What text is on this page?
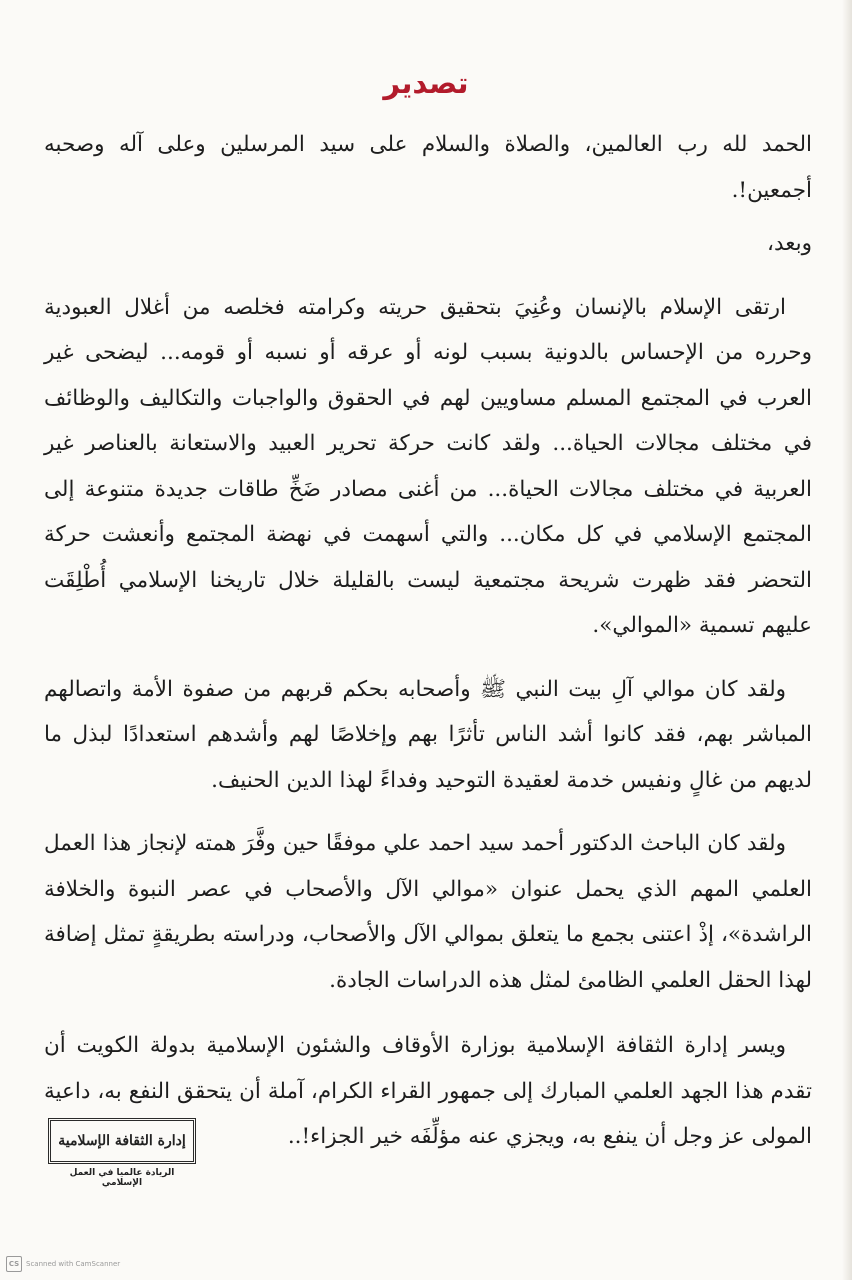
تصدير

الحمد لله رب العالمين، والصلاة والسلام على سيد المرسلين وعلى آله وصحبه أجمعين!.

وبعد،

ارتقى الإسلام بالإنسان وعُنِيَ بتحقيق حريته وكرامته فخلصه من أغلال العبودية وحرره من الإحساس بالدونية بسبب لونه أو عرقه أو نسبه أو قومه... ليضحى غير العرب في المجتمع المسلم مساويين لهم في الحقوق والواجبات والتكاليف والوظائف في مختلف مجالات الحياة... ولقد كانت حركة تحرير العبيد والاستعانة بالعناصر غير العربية في مختلف مجالات الحياة... من أغنى مصادر ضَخِّ طاقات جديدة متنوعة إلى المجتمع الإسلامي في كل مكان... والتي أسهمت في نهضة المجتمع وأنعشت حركة التحضر فقد ظهرت شريحة مجتمعية ليست بالقليلة خلال تاريخنا الإسلامي أُطْلِقَت عليهم تسمية «الموالي».

ولقد كان موالي آلِ بيت النبي ﷺ وأصحابه بحكم قربهم من صفوة الأمة واتصالهم المباشر بهم، فقد كانوا أشد الناس تأثرًا بهم وإخلاصًا لهم وأشدهم استعدادًا لبذل ما لديهم من غالٍ ونفيس خدمة لعقيدة التوحيد وفداءً لهذا الدين الحنيف.

ولقد كان الباحث الدكتور أحمد سيد احمد علي موفقًا حين وفَّرَ همته لإنجاز هذا العمل العلمي المهم الذي يحمل عنوان «موالي الآل والأصحاب في عصر النبوة والخلافة الراشدة»، إذْ اعتنى بجمع ما يتعلق بموالي الآل والأصحاب، ودراسته بطريقةٍ تمثل إضافة لهذا الحقل العلمي الظامئ لمثل هذه الدراسات الجادة.

ويسر إدارة الثقافة الإسلامية بوزارة الأوقاف والشئون الإسلامية بدولة الكويت أن تقدم هذا الجهد العلمي المبارك إلى جمهور القراء الكرام، آملة أن يتحقق النفع به، داعية المولى عز وجل أن ينفع به، ويجزي عنه مؤلِّفَه خير الجزاء!..

إدارة الثقافة الإسلامية
الريادة عالميا في العمل الإسلامي
CS Scanned with CamScanner
